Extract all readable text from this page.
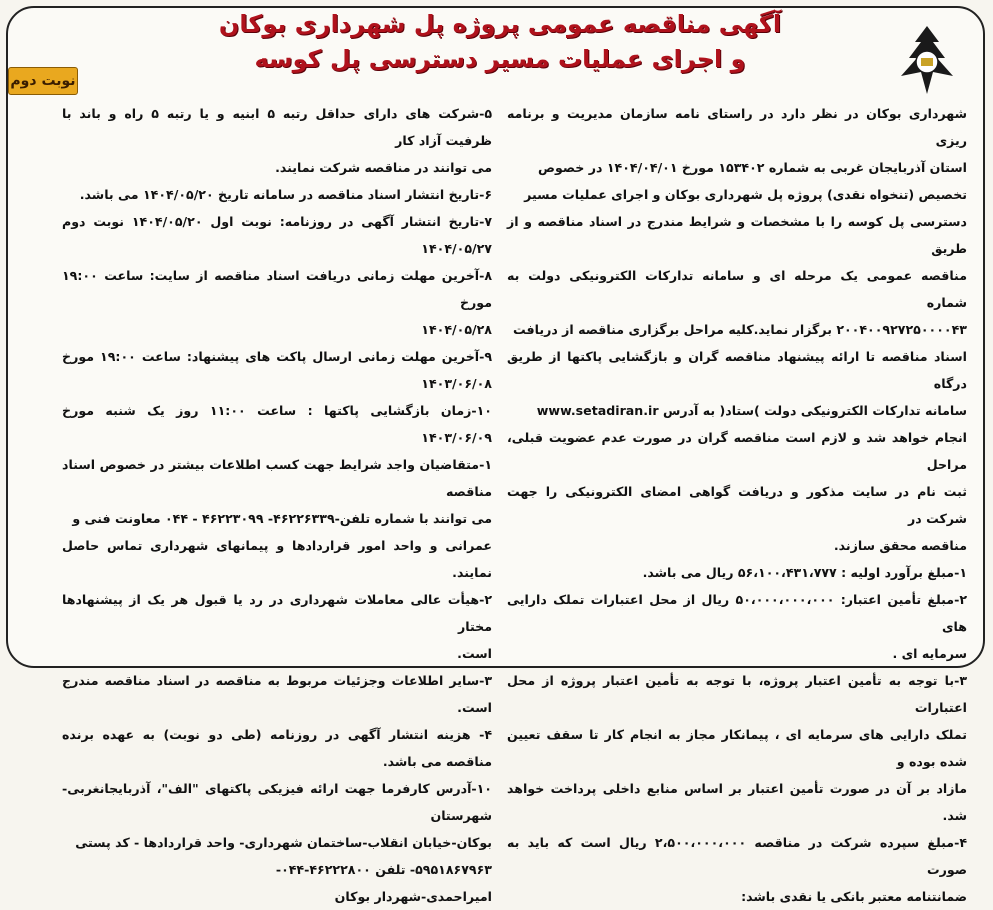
آگهی مناقصه عمومی پروژه پل شهرداری بوکان
و اجرای عملیات مسیر دسترسی پل کوسه
نوبت دوم

شهرداری بوکان در نظر دارد در راستای نامه سازمان مدیریت و برنامه ریزی

استان آذربایجان غربی به شماره ۱۵۳۴۰۲ مورخ ۱۴۰۴/۰۴/۰۱ در خصوص

تخصیص (تنخواه نقدی) پروژه پل شهرداری بوکان و اجرای عملیات مسیر

دسترسی پل کوسه را با مشخصات و شرایط مندرج در اسناد مناقصه و از طریق

مناقصه عمومی یک مرحله ای و سامانه تدارکات الکترونیکی دولت به شماره

۲۰۰۴۰۰۹۲۷۲۵۰۰۰۰۴۳ برگزار نماید.کلیه مراحل برگزاری مناقصه از دریافت

اسناد مناقصه تا ارائه پیشنهاد مناقصه گران و بازگشایی پاکتها از طریق درگاه

سامانه تدارکات الکترونیکی دولت )ستاد( به آدرس www.setadiran.ir

انجام خواهد شد و لازم است مناقصه گران در صورت عدم عضویت قبلی، مراحل

ثبت نام در سایت مذکور و دریافت گواهی امضای الکترونیکی را جهت شرکت در

مناقصه محقق سازند.

۱-مبلغ برآورد اولیه : ۵۶،۱۰۰،۴۳۱،۷۷۷ ریال می باشد.

۲-مبلغ تأمین اعتبار: ۵۰،۰۰۰،۰۰۰،۰۰۰ ریال از محل اعتبارات تملک دارایی های

سرمایه ای .

۳-با توجه به تأمین اعتبار پروژه، با توجه به تأمین اعتبار پروژه از محل اعتبارات

تملک دارایی های سرمایه ای ، پیمانکار مجاز به انجام کار تا سقف تعیین شده بوده و

مازاد بر آن در صورت تأمین اعتبار بر اساس منابع داخلی پرداخت خواهد شد.

۴-مبلغ سپرده شرکت در مناقصه ۲،۵۰۰،۰۰۰،۰۰۰ ریال است که باید به صورت

ضمانتنامه معتبر بانکی یا نقدی باشد:

۵-شرکت های دارای حداقل رتبه ۵ ابنیه و یا رتبه ۵ راه و باند با ظرفیت آزاد کار

می توانند در مناقصه شرکت نمایند.

۶-تاریخ انتشار اسناد مناقصه در سامانه تاریخ ۱۴۰۴/۰۵/۲۰ می باشد.

۷-تاریخ انتشار آگهی در روزنامه: نوبت اول ۱۴۰۴/۰۵/۲۰ نوبت دوم ۱۴۰۴/۰۵/۲۷

۸-آخرین مهلت زمانی دریافت اسناد مناقصه از سایت: ساعت ۱۹:۰۰ مورخ

۱۴۰۴/۰۵/۲۸

۹-آخرین مهلت زمانی ارسال پاکت های پیشنهاد: ساعت ۱۹:۰۰ مورخ ۱۴۰۳/۰۶/۰۸

۱۰-زمان بازگشایی پاکتها : ساعت ۱۱:۰۰ روز یک شنبه مورخ ۱۴۰۳/۰۶/۰۹

۱-متقاضیان واجد شرایط جهت کسب اطلاعات بیشتر در خصوص اسناد مناقصه

می توانند با شماره تلفن-۴۶۲۲۶۳۳۹- ۴۶۲۲۳۰۹۹ - ۰۴۴ معاونت فنی و

عمرانی و واحد امور قراردادها و پیمانهای شهرداری تماس حاصل نمایند.

۲-هیأت عالی معاملات شهرداری در رد یا قبول هر یک از پیشنهادها مختار

است.

۳-سایر اطلاعات وجزئیات مربوط به مناقصه در اسناد مناقصه مندرج است.

۴- هزینه انتشار آگهی در روزنامه (طی دو نوبت) به عهده برنده مناقصه می باشد.

۱۰-آدرس کارفرما جهت ارائه فیزیکی پاکتهای "الف"، آذربایجانغربی-شهرستان

بوکان-خیابان انقلاب-ساختمان شهرداری- واحد قراردادها - کد پستی

۵۹۵۱۸۶۷۹۶۳- تلفن ۴۶۲۲۲۸۰۰-۰۴۴-

امیراحمدی-شهردار بوکان
